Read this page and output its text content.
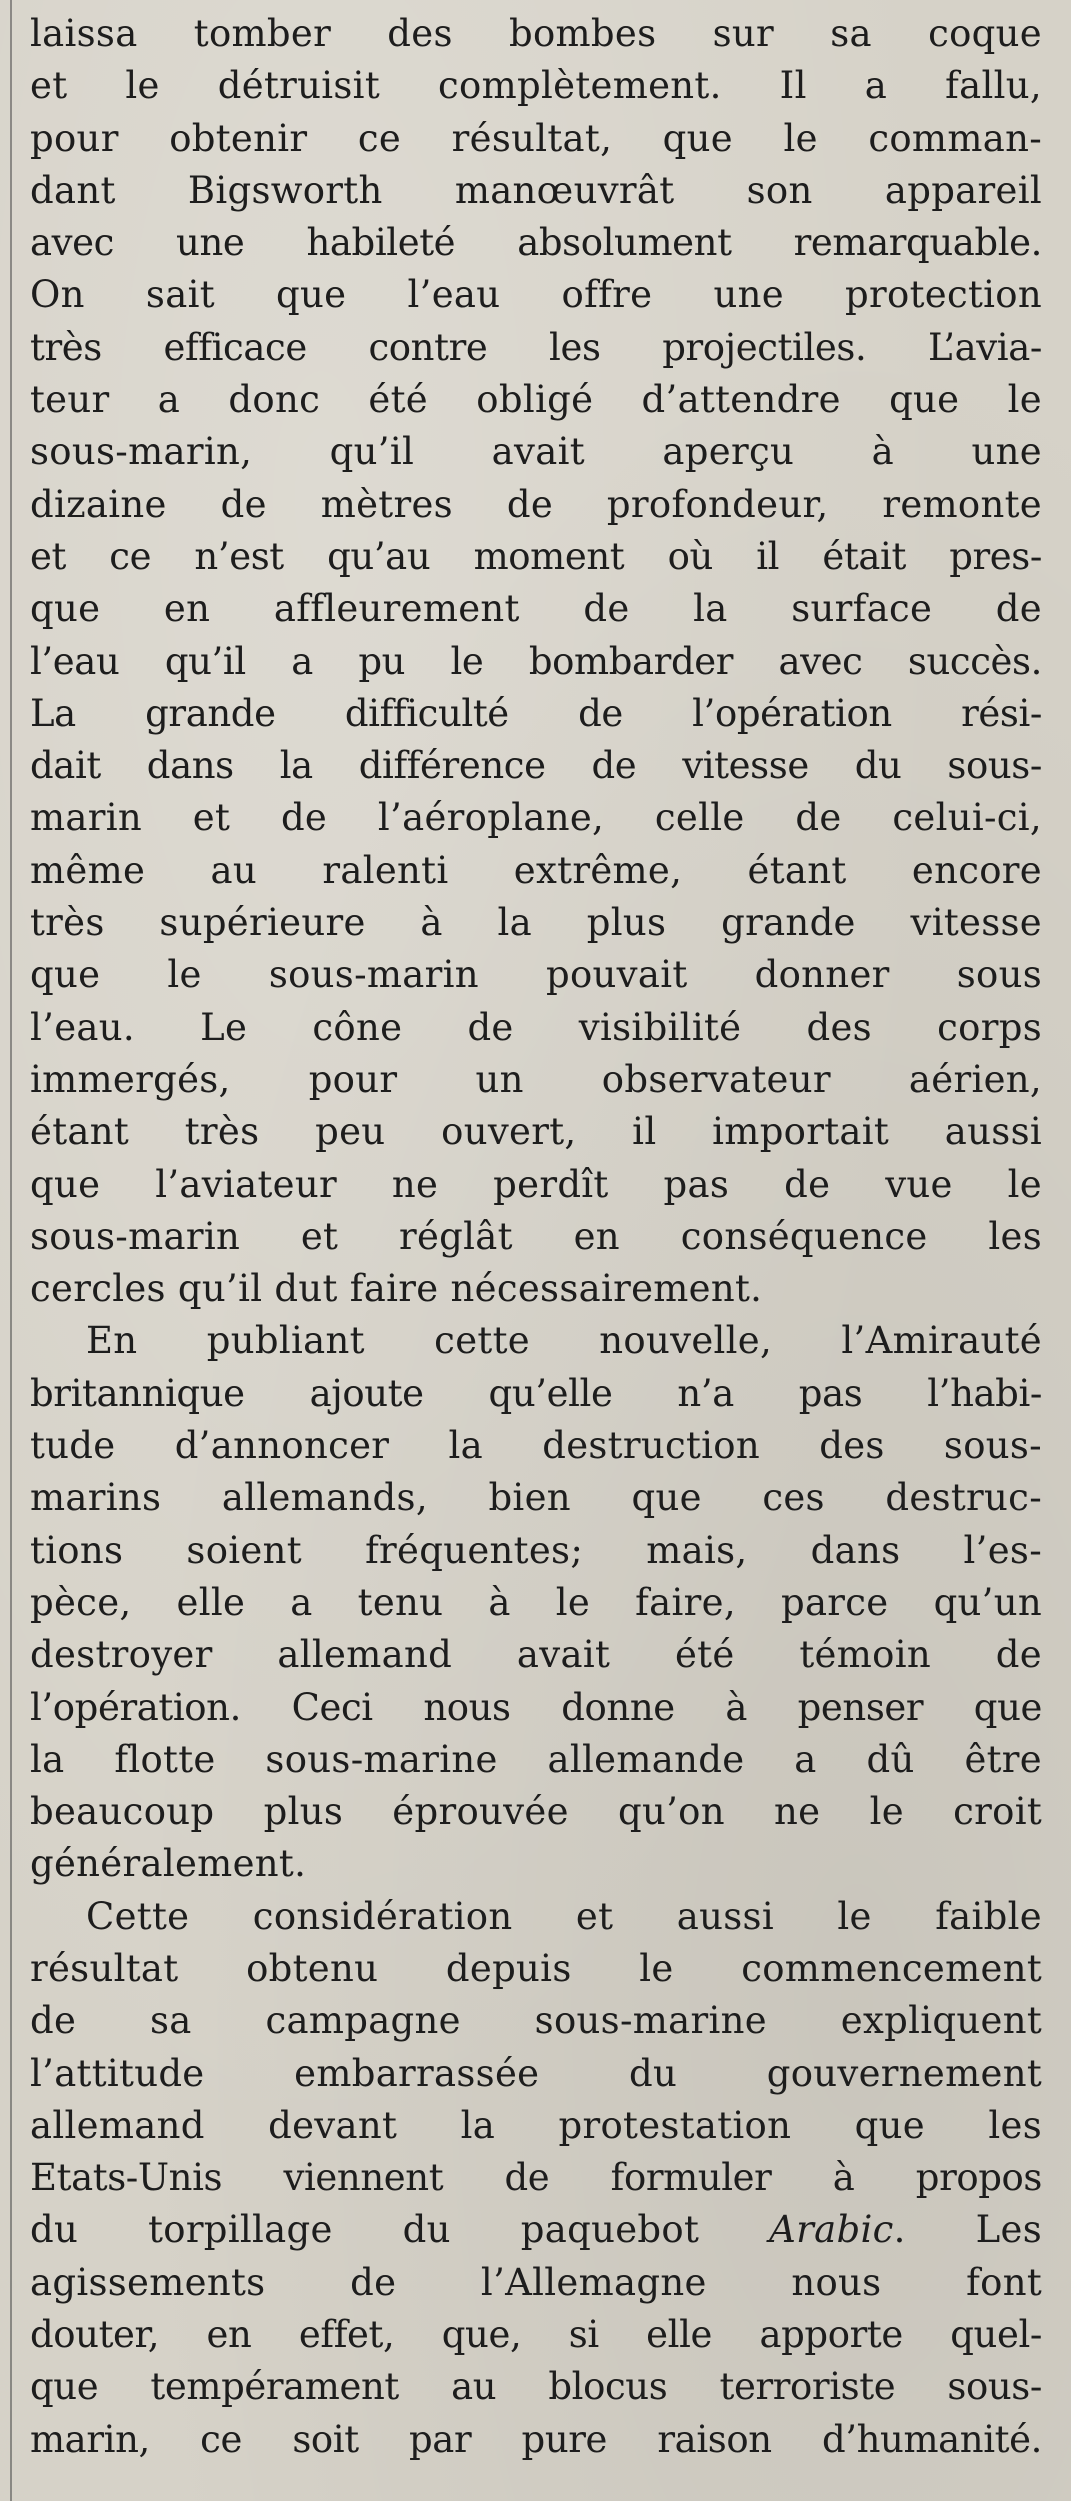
laissa tomber des bombes sur sa coque
et le détruisit complètement. Il a fallu,
pour obtenir ce résultat, que le comman-
dant Bigsworth manœuvrât son appareil
avec une habileté absolument remarquable.
On sait que l’eau offre une protection
très efficace contre les projectiles. L’avia-
teur a donc été obligé d’attendre que le
sous-marin, qu’il avait aperçu à une
dizaine de mètres de profondeur, remonte
et ce n’est qu’au moment où il était pres-
que en affleurement de la surface de
l’eau qu’il a pu le bombarder avec succès.
La grande difficulté de l’opération rési-
dait dans la différence de vitesse du sous-
marin et de l’aéroplane, celle de celui-ci,
même au ralenti extrême, étant encore
très supérieure à la plus grande vitesse
que le sous-marin pouvait donner sous
l’eau. Le cône de visibilité des corps
immergés, pour un observateur aérien,
étant très peu ouvert, il importait aussi
que l’aviateur ne perdît pas de vue le
sous-marin et réglât en conséquence les
cercles qu’il dut faire nécessairement.
En publiant cette nouvelle, l’Amirauté
britannique ajoute qu’elle n’a pas l’habi-
tude d’annoncer la destruction des sous-
marins allemands, bien que ces destruc-
tions soient fréquentes; mais, dans l’es-
pèce, elle a tenu à le faire, parce qu’un
destroyer allemand avait été témoin de
l’opération. Ceci nous donne à penser que
la flotte sous-marine allemande a dû être
beaucoup plus éprouvée qu’on ne le croit
généralement.
Cette considération et aussi le faible
résultat obtenu depuis le commencement
de sa campagne sous-marine expliquent
l’attitude embarrassée du gouvernement
allemand devant la protestation que les
Etats-Unis viennent de formuler à propos
du torpillage du paquebot Arabic. Les
agissements de l’Allemagne nous font
douter, en effet, que, si elle apporte quel-
que tempérament au blocus terroriste sous-
marin, ce soit par pure raison d’humanité.
